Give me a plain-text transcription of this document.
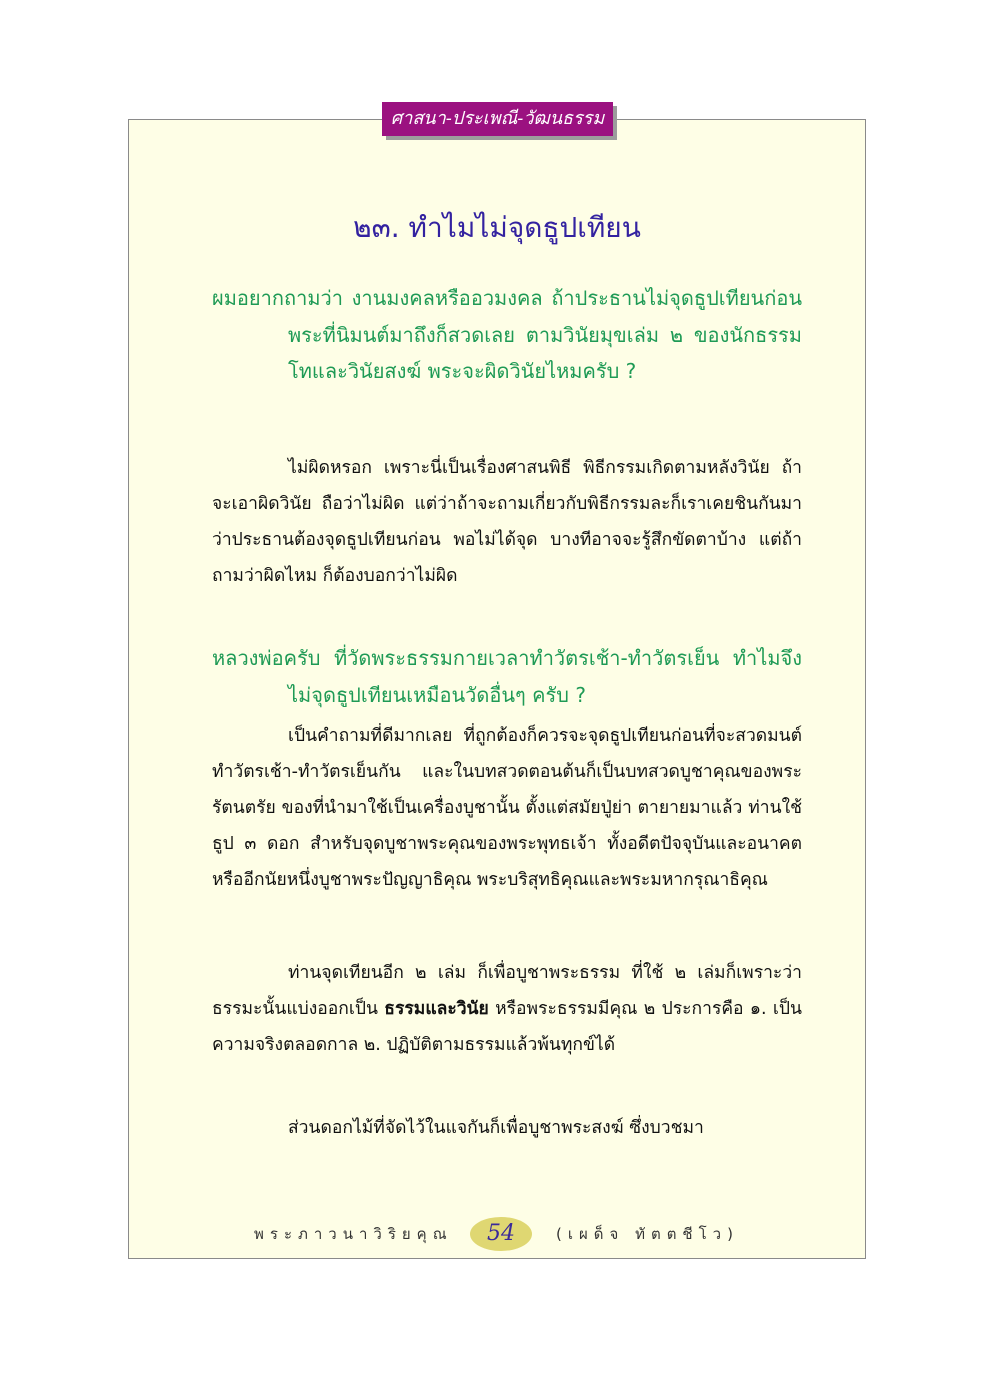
ศาสนา-ประเพณี-วัฒนธรรม
๒๓. ทำไมไม่จุดธูปเทียน
ผมอยากถามว่า งานมงคลหรืออวมงคล ถ้าประธานไม่จุดธูปเทียนก่อน พระที่นิมนต์มาถึงก็สวดเลย ตามวินัยมุขเล่ม ๒ ของนักธรรมโทและวินัยสงฆ์ พระจะผิดวินัยไหมครับ ?
ไม่ผิดหรอก เพราะนี่เป็นเรื่องศาสนพิธี พิธีกรรมเกิดตามหลังวินัย ถ้าจะเอาผิดวินัย ถือว่าไม่ผิด แต่ว่าถ้าจะถามเกี่ยวกับพิธีกรรมละก็เราเคยชินกันมาว่าประธานต้องจุดธูปเทียนก่อน พอไม่ได้จุด บางทีอาจจะรู้สึกขัดตาบ้าง แต่ถ้าถามว่าผิดไหม ก็ต้องบอกว่าไม่ผิด
หลวงพ่อครับ ที่วัดพระธรรมกายเวลาทำวัตรเช้า-ทำวัตรเย็น ทำไมจึงไม่จุดธูปเทียนเหมือนวัดอื่นๆ ครับ ?
เป็นคำถามที่ดีมากเลย ที่ถูกต้องก็ควรจะจุดธูปเทียนก่อนที่จะสวดมนต์ทำวัตรเช้า-ทำวัตรเย็นกัน และในบทสวดตอนต้นก็เป็นบทสวดบูชาคุณของพระรัตนตรัย ของที่นำมาใช้เป็นเครื่องบูชานั้น ตั้งแต่สมัยปู่ย่า ตายายมาแล้ว ท่านใช้ธูป ๓ ดอก สำหรับจุดบูชาพระคุณของพระพุทธเจ้า ทั้งอดีตปัจจุบันและอนาคต หรืออีกนัยหนึ่งบูชาพระปัญญาธิคุณ พระบริสุทธิคุณและพระมหากรุณาธิคุณ
ท่านจุดเทียนอีก ๒ เล่ม ก็เพื่อบูชาพระธรรม ที่ใช้ ๒ เล่มก็เพราะว่าธรรมะนั้นแบ่งออกเป็น ธรรมและวินัย หรือพระธรรมมีคุณ ๒ ประการคือ ๑. เป็นความจริงตลอดกาล ๒. ปฏิบัติตามธรรมแล้วพ้นทุกข์ได้
ส่วนดอกไม้ที่จัดไว้ในแจกันก็เพื่อบูชาพระสงฆ์ ซึ่งบวชมา
พระภาวนาวิริยคุณ	54	(เผด็จ ทัตตชีโว)
